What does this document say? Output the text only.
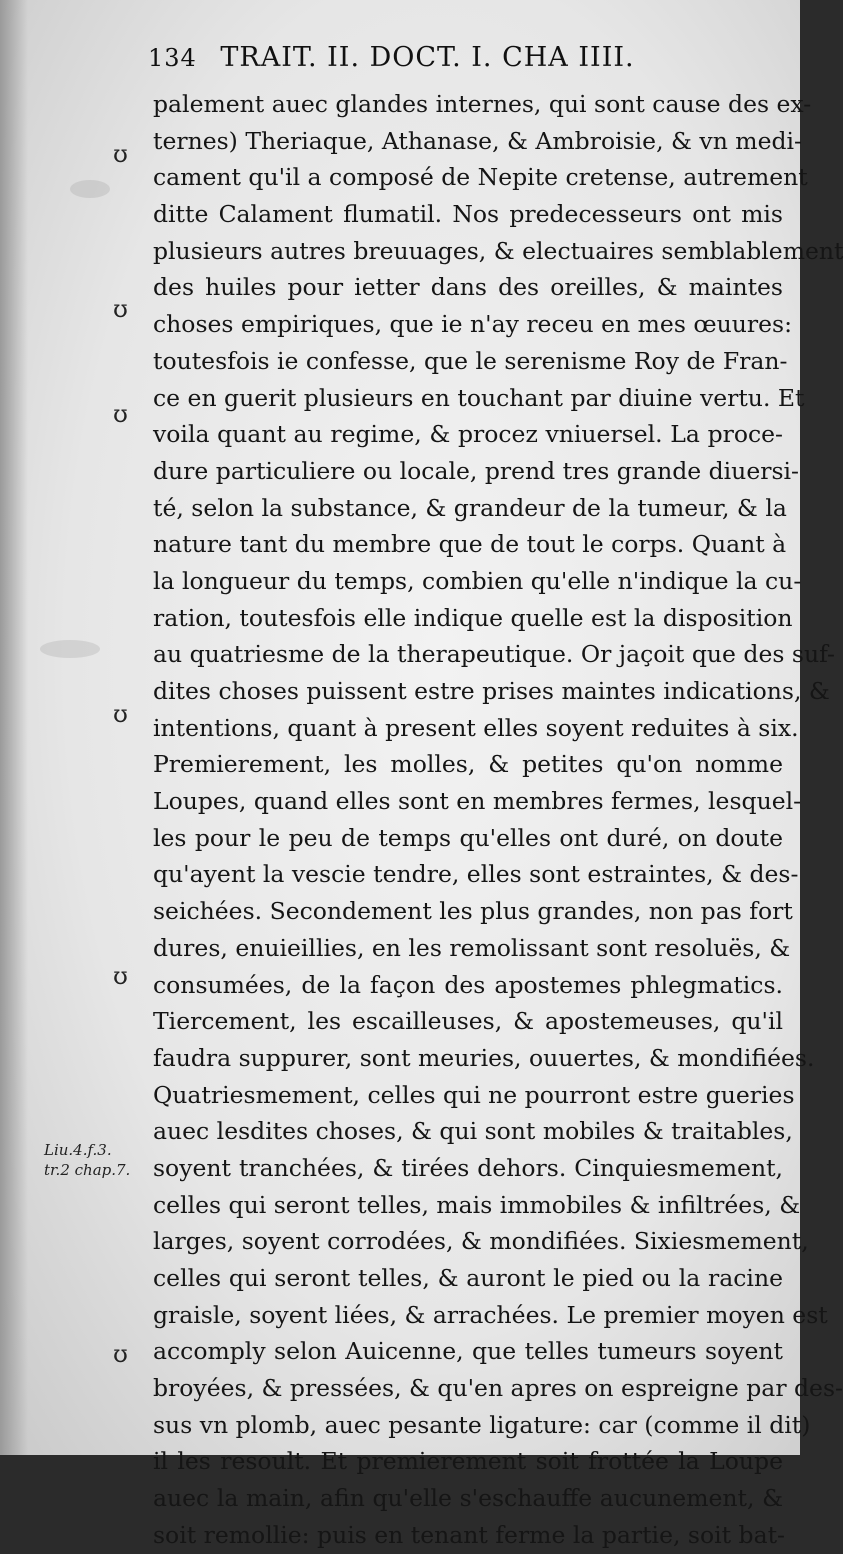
134 TRAIT. II. DOCT. I. CHA IIII.
ʊ
ʊ
ʊ
ʊ
ʊ
ʊ
Liu.4.f.3.
tr.2 chap.7.
palement auec glandes internes, qui sont cause des ex-
ternes) Theriaque, Athanase, & Ambroisie, & vn medi-
cament qu'il a composé de Nepite cretense, autrement
ditte Calament flumatil. Nos predecesseurs ont mis
plusieurs autres breuuages, & electuaires semblablement
des huiles pour ietter dans des oreilles, & maintes
choses empiriques, que ie n'ay receu en mes œuures:
toutesfois ie confesse, que le serenisme Roy de Fran-
ce en guerit plusieurs en touchant par diuine vertu. Et
voila quant au regime, & procez vniuersel. La proce-
dure particuliere ou locale, prend tres grande diuersi-
té, selon la substance, & grandeur de la tumeur, & la
nature tant du membre que de tout le corps. Quant à
la longueur du temps, combien qu'elle n'indique la cu-
ration, toutesfois elle indique quelle est la disposition
au quatriesme de la therapeutique. Or jaçoit que des suf-
dites choses puissent estre prises maintes indications, &
intentions, quant à present elles soyent reduites à six.
Premierement, les molles, & petites qu'on nomme
Loupes, quand elles sont en membres fermes, lesquel-
les pour le peu de temps qu'elles ont duré, on doute
qu'ayent la vescie tendre, elles sont estraintes, & des-
seichées. Secondement les plus grandes, non pas fort
dures, enuieillies, en les remolissant sont resoluës, &
consumées, de la façon des apostemes phlegmatics.
Tiercement, les escailleuses, & apostemeuses, qu'il
faudra suppurer, sont meuries, ouuertes, & mondifiées.
Quatriesmement, celles qui ne pourront estre gueries
auec lesdites choses, & qui sont mobiles & traitables,
soyent tranchées, & tirées dehors. Cinquiesmement,
celles qui seront telles, mais immobiles & infiltrées, &
larges, soyent corrodées, & mondifiées. Sixiesmement,
celles qui seront telles, & auront le pied ou la racine
graisle, soyent liées, & arrachées. Le premier moyen est
accomply selon Auicenne, que telles tumeurs soyent
broyées, & pressées, & qu'en apres on espreigne par des-
sus vn plomb, auec pesante ligature: car (comme il dit)
il les resoult. Et premierement soit frottée la Loupe
auec la main, afin qu'elle s'eschauffe aucunement, &
soit remollie: puis en tenant ferme la partie, soit bat-
